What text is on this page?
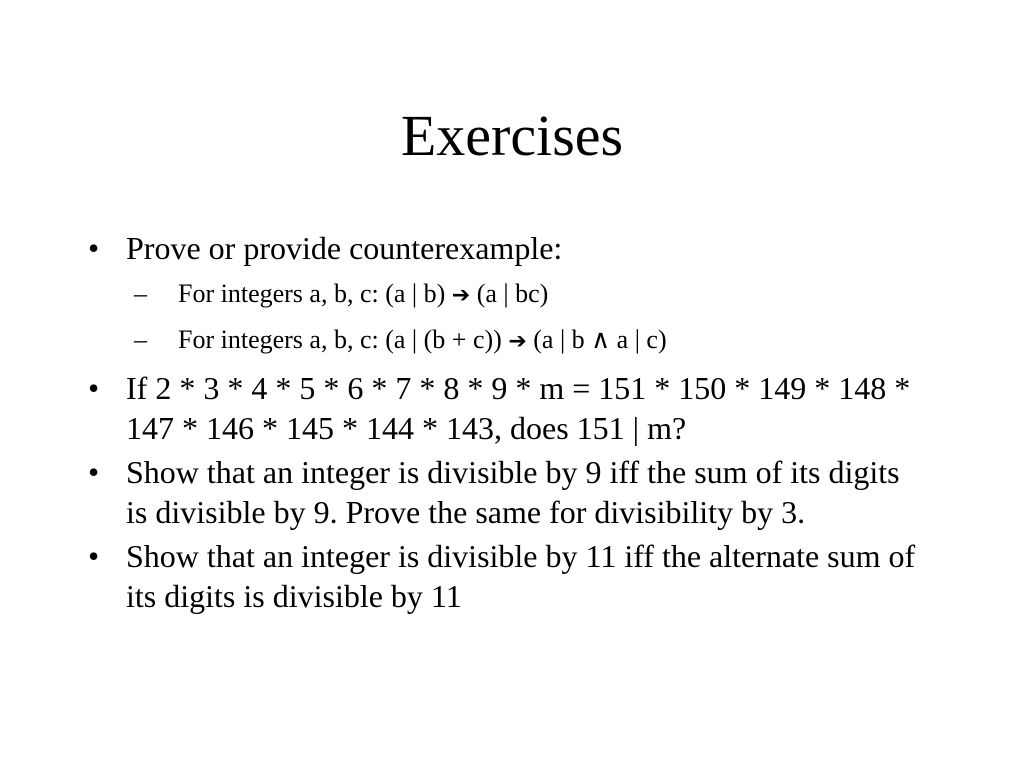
Exercises
• Prove or provide counterexample:
– For integers a, b, c: (a | b) ➔ (a | bc)
– For integers a, b, c: (a | (b + c)) ➔ (a | b ∧ a | c)
• If 2 * 3 * 4 * 5 * 6 * 7 * 8 * 9 * m = 151 * 150 * 149 * 148 * 147 * 146 * 145 * 144 * 143, does 151 | m?
• Show that an integer is divisible by 9 iff the sum of its digits is divisible by 9. Prove the same for divisibility by 3.
• Show that an integer is divisible by 11 iff the alternate sum of its digits is divisible by 11
